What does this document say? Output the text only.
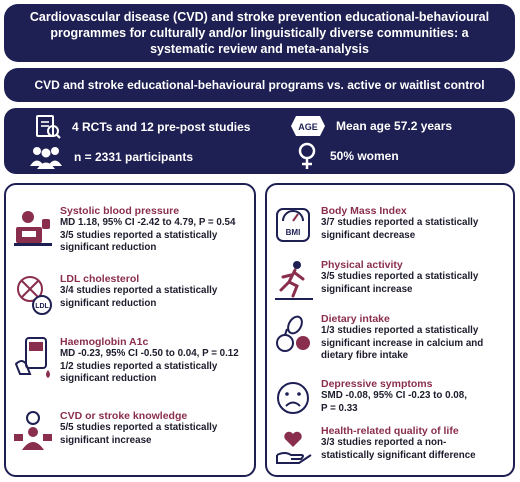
Cardiovascular disease (CVD) and stroke prevention educational-behavioural programmes for culturally and/or linguistically diverse communities: a systematic review and meta-analysis
CVD and stroke educational-behavioural programs vs. active or waitlist control
4 RCTs and 12 pre-post studies
n = 2331 participants
AGE Mean age 57.2 years
50% women
Systolic blood pressure
MD 1.18, 95% CI -2.42 to 4.79, P = 0.54
3/5 studies reported a statistically
significant reduction
LDL
LDL cholesterol
3/4 studies reported a statistically
significant reduction
Haemoglobin A1c
MD -0.23, 95% CI -0.50 to 0.04, P = 0.12
1/2 studies reported a statistically
significant reduction
CVD or stroke knowledge
5/5 studies reported a statistically
significant increase
BMI
Body Mass Index
3/7 studies reported a statistically
significant decrease
Physical activity
3/5 studies reported a statistically
significant increase
Dietary intake
1/3 studies reported a statistically
significant increase in calcium and
dietary fibre intake
Depressive symptoms
SMD -0.08, 95% CI -0.23 to 0.08,
P = 0.33
Health-related quality of life
3/3 studies reported a non-
statistically significant difference
